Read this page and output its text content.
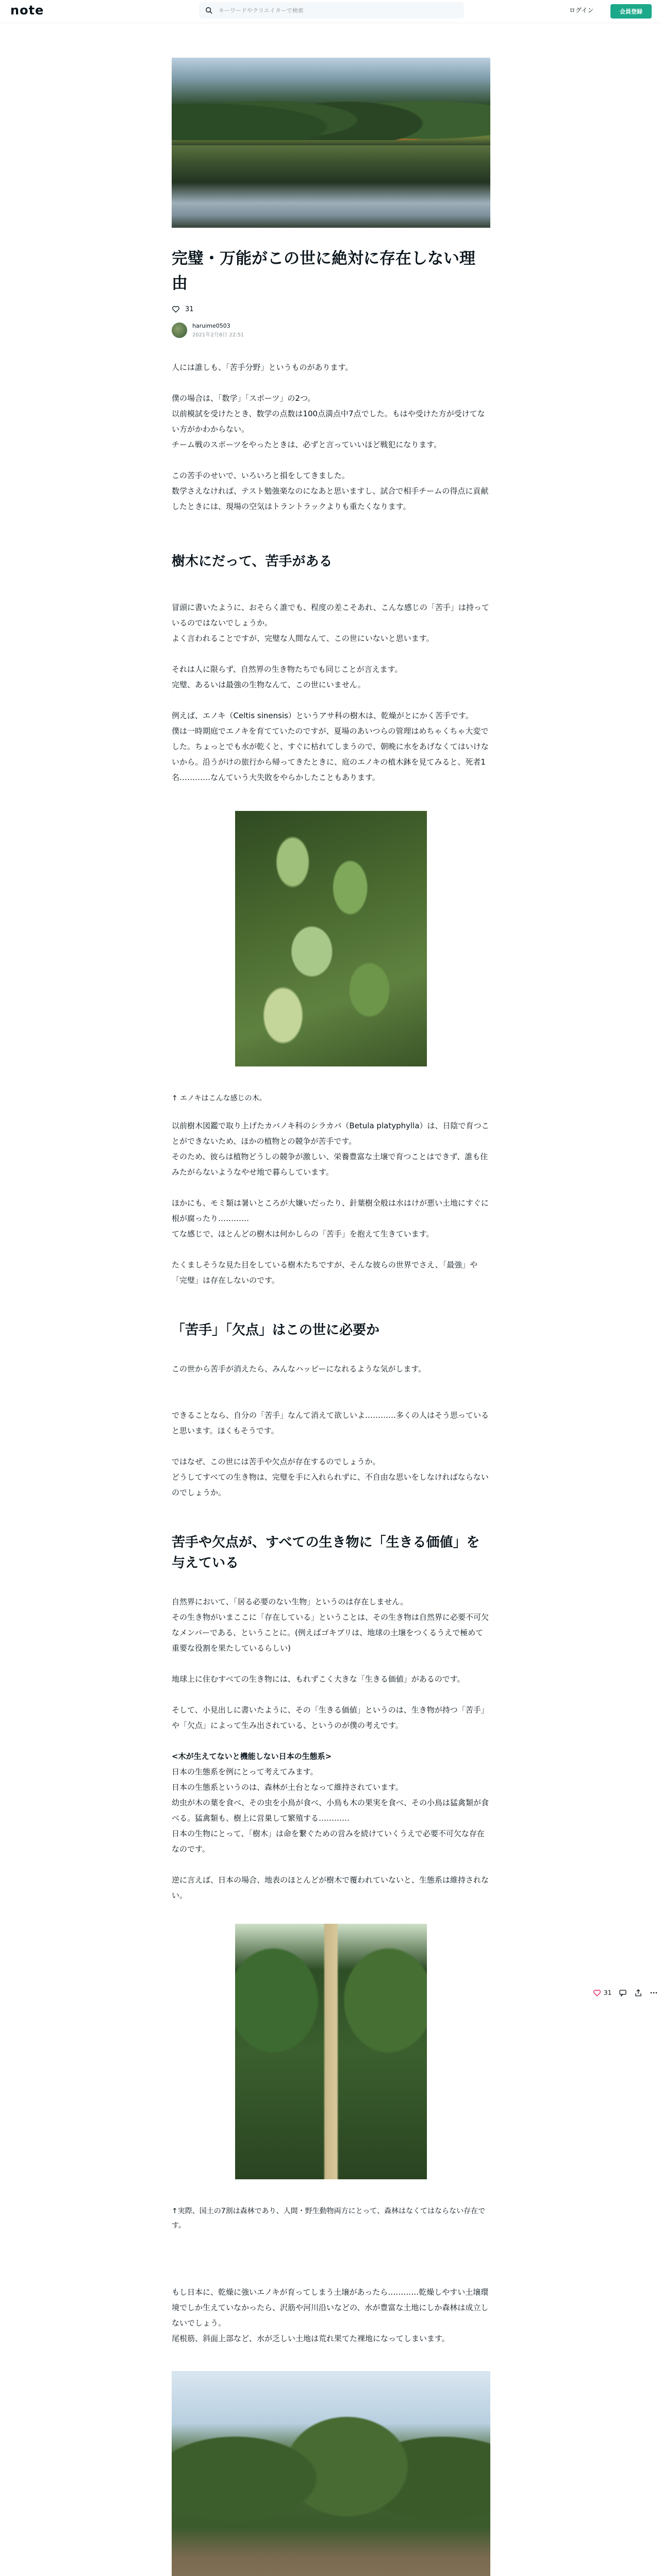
note
キーワードやクリエイターで検索	ログイン	会員登録
完璧・万能がこの世に絶対に存在しない理由
31
haruime0503
2021年2月8日 22:51

人には誰しも、「苦手分野」というものがあります。

僕の場合は、「数学」「スポーツ」の2つ。

以前模試を受けたとき、数学の点数は100点満点中7点でした。もはや受けた方が受けてない方がかわからない。

チーム戦のスポーツをやったときは、必ずと言っていいほど戦犯になります。

この苦手のせいで、いろいろと損をしてきました。

数学さえなければ、テスト勉強楽なのになあと思いますし、試合で相手チームの得点に貢献したときには、現場の空気はトラントラックよりも重たくなります。

樹木にだって、苦手がある

冒頭に書いたように、おそらく誰でも、程度の差こそあれ、こんな感じの「苦手」は持っているのではないでしょうか。

よく言われることですが、完璧な人間なんて、この世にいないと思います。

それは人に限らず、自然界の生き物たちでも同じことが言えます。

完璧、あるいは最強の生物なんて、この世にいません。

例えば、エノキ（Celtis sinensis）というアサ科の樹木は、乾燥がとにかく苦手です。

僕は一時期庭でエノキを育てていたのですが、夏場のあいつらの管理はめちゃくちゃ大変でした。ちょっとでも水が乾くと、すぐに枯れてしまうので、朝晩に水をあげなくてはいけないから。沿うがけの旅行から帰ってきたときに、庭のエノキの植木鉢を見てみると、死者1名…………なんていう大失敗をやらかしたこともあります。

↑ エノキはこんな感じの木。

以前樹木図鑑で取り上げたカバノキ科のシラカバ（Betula platyphylla）は、日陰で育つことができないため、ほかの植物との競争が苦手です。

そのため、彼らは植物どうしの競争が激しい、栄養豊富な土壌で育つことはできず、誰も住みたがらないようなやせ地で暮らしています。

ほかにも、モミ類は暑いところが大嫌いだったり、針葉樹全般は水はけが悪い土地にすぐに根が腐ったり…………

てな感じで、ほとんどの樹木は何かしらの「苦手」を抱えて生きています。

たくましそうな見た目をしている樹木たちですが、そんな彼らの世界でさえ、「最強」や「完璧」は存在しないのです。

「苦手」「欠点」はこの世に必要か

この世から苦手が消えたら、みんなハッピーになれるような気がします。

できることなら、自分の「苦手」なんて消えて欲しいよ…………多くの人はそう思っていると思います。ほくもそうです。

ではなぜ、この世には苦手や欠点が存在するのでしょうか。

どうしてすべての生き物は、完璧を手に入れられずに、不自由な思いをしなければならないのでしょうか。

苦手や欠点が、すべての生き物に「生きる価値」を与えている

自然界において、「居る必要のない生物」というのは存在しません。

その生き物がいまここに「存在している」ということは、その生き物は自然界に必要不可欠なメンバーである、ということに。(例えばゴキブリは、地球の土壌をつくるうえで極めて重要な役割を果たしているらしい)

地球上に住むすべての生き物には、もれずこく大きな「生きる価値」があるのです。

そして、小見出しに書いたように、その「生きる価値」というのは、生き物が持つ「苦手」や「欠点」によって生み出されている、というのが僕の考えです。

<木が生えてないと機能しない日本の生態系>

日本の生態系を例にとって考えてみます。

日本の生態系というのは、森林が土台となって維持されています。

幼虫が木の葉を食べ、その虫を小鳥が食べ、小鳥も木の果実を食べ、その小鳥は猛禽類が食べる。猛禽類も、樹上に営巣して繁殖する…………

日本の生物にとって、「樹木」は命を繋ぐための営みを続けていくうえで必要不可欠な存在なのです。

逆に言えば、日本の場合、地表のほとんどが樹木で覆われていないと、生態系は維持されない。

↑実際、国土の7割は森林であり、人間・野生動物両方にとって、森林はなくてはならない存在です。

もし日本に、乾燥に強いエノキが育ってしまう土壌があったら…………乾燥しやすい土壌環境でしか生えていなかったら、沢筋や河川沿いなどの、水が豊富な土地にしか森林は成立しないでしょう。

尾根筋、斜面上部など、水が乏しい土地は荒れ果てた裸地になってしまいます。

31
